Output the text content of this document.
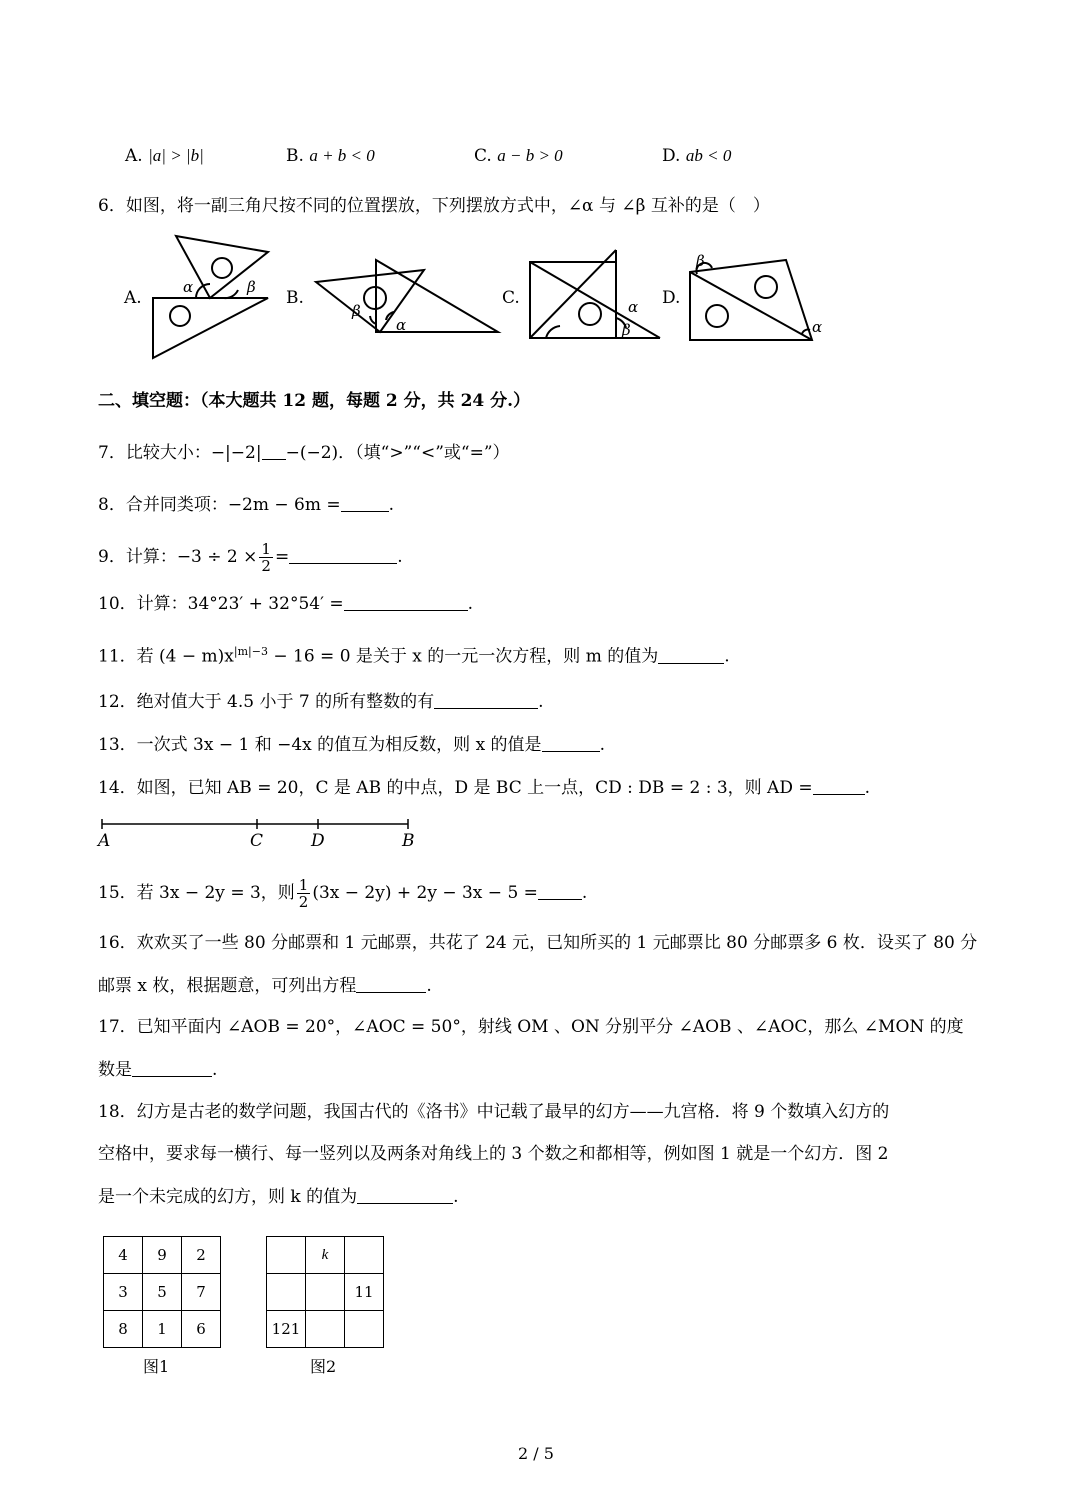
A. |a| > |b|	B. a + b < 0	C. a − b > 0	D. ab < 0
6．如图，将一副三角尺按不同的位置摆放，下列摆放方式中，∠α 与 ∠β 互补的是（　）
A.	B.	C.	D.
α	β
β
α
α
β
β
α
二、填空题：（本大题共 12 题，每题 2 分，共 24 分.）
7．比较大小：−|−2| −(−2)．（填“>”“<”或“=”）
8．合并同类项：−2m − 6m =	.
9．计算：$-3 \div 2 \times \frac{1}{2}$ =	.
10．计算：34°23′ + 32°54′ =	.
11．若 $(4 - m)x^{|m|-3} - 16 = 0$ 是关于 x 的一元一次方程，则 m 的值为	.
12．绝对值大于 4.5 小于 7 的所有整数的有	.
13．一次式 3x − 1 和 −4x 的值互为相反数，则 x 的值是	.
14．如图，已知 AB = 20，C 是 AB 的中点，D 是 BC 上一点，CD : DB = 2 : 3，则 AD =	.
A	C	D	B
15．若 3x − 2y = 3，则 $\frac{1}{2} (3x - 2y) + 2y - 3x - 5$ =	.
16．欢欢买了一些 80 分邮票和 1 元邮票，共花了 24 元，已知所买的 1 元邮票比 80 分邮票多 6 枚．设买了 80 分
邮票 x 枚，根据题意，可列出方程	.
17．已知平面内 ∠AOB = 20°，∠AOC = 50°，射线 OM 、ON 分别平分 ∠AOB 、∠AOC，那么 ∠MON 的度
数是	.
18．幻方是古老的数学问题，我国古代的《洛书》中记载了最早的幻方——九宫格．将 9 个数填入幻方的
空格中，要求每一横行、每一竖列以及两条对角线上的 3 个数之和都相等，例如图 1 就是一个幻方．图 2
是一个未完成的幻方，则 k 的值为	.
4	9	2
3	5	7
8	1	6
图1
	k	
		11
121		
图2
2 / 5
